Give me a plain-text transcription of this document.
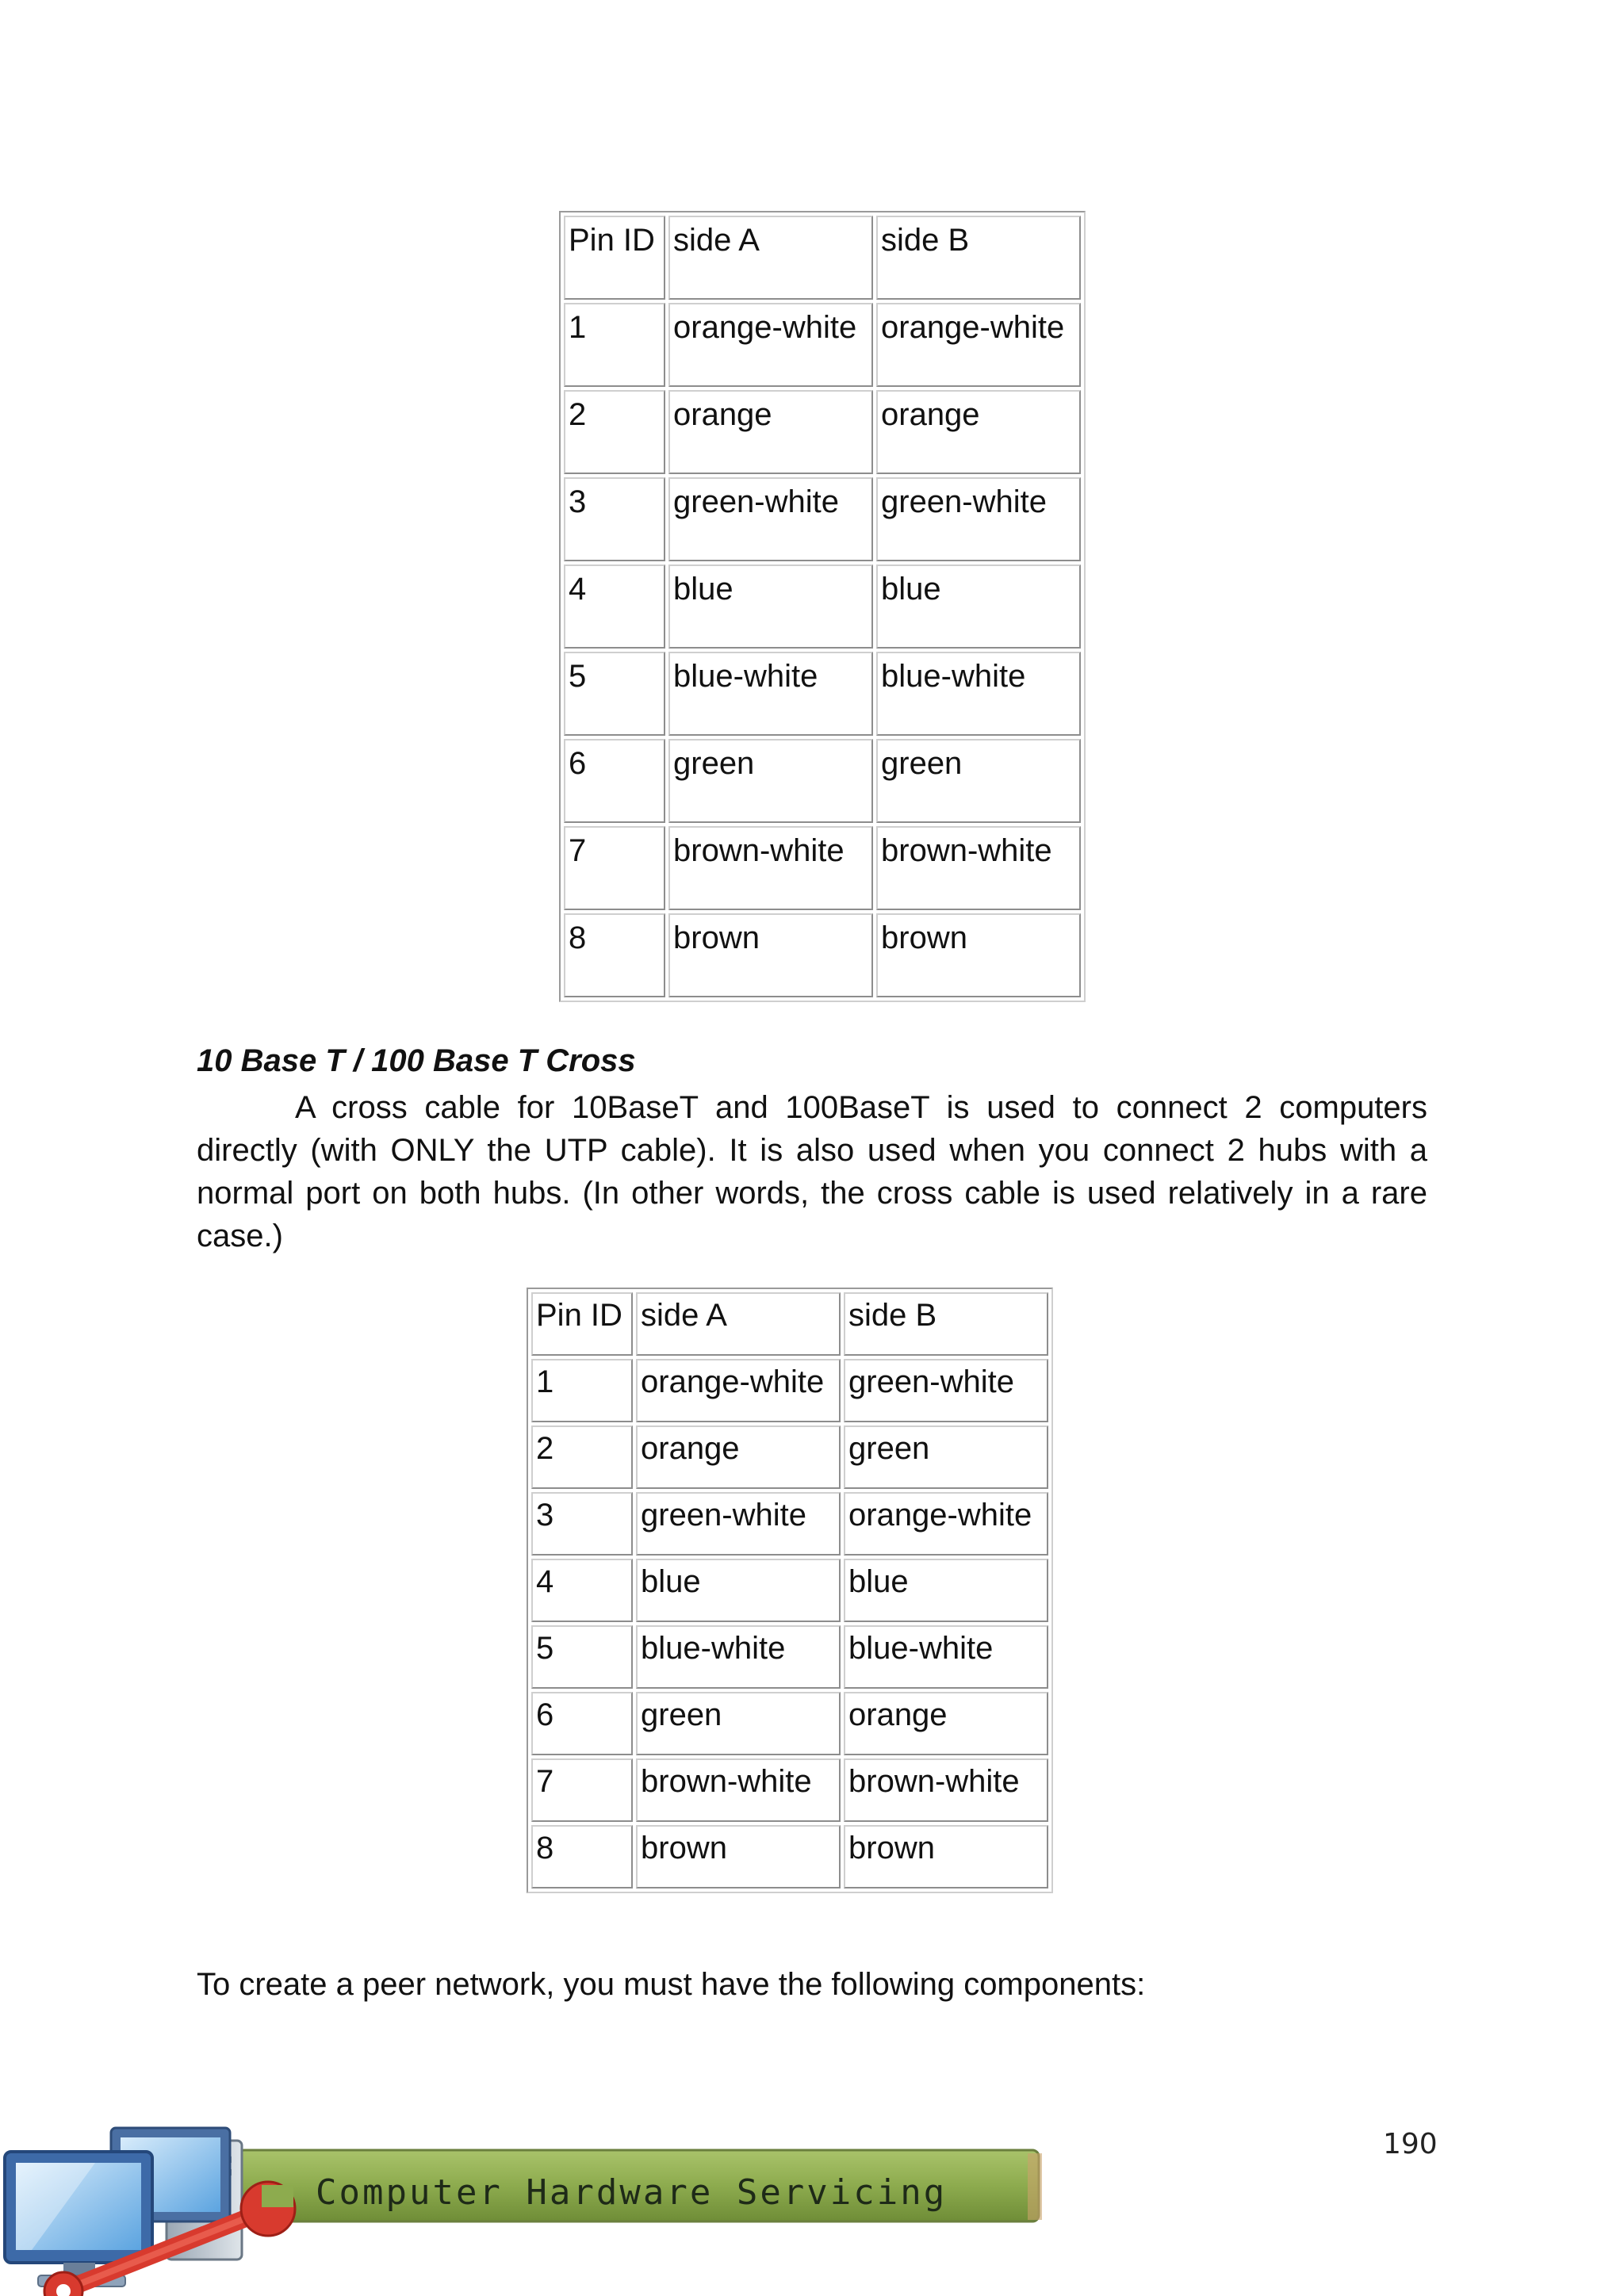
Pin ID	side A	side B
1	orange-white	orange-white
2	orange	orange
3	green-white	green-white
4	blue	blue
5	blue-white	blue-white
6	green	green
7	brown-white	brown-white
8	brown	brown
10 Base T / 100 Base T Cross

A cross cable for 10BaseT and 100BaseT is used to connect 2 computers directly (with ONLY the UTP cable). It is also used when you connect 2 hubs with a normal port on both hubs. (In other words, the cross cable is used relatively in a rare case.)

Pin ID	side A	side B
1	orange-white	green-white
2	orange	green
3	green-white	orange-white
4	blue	blue
5	blue-white	blue-white
6	green	orange
7	brown-white	brown-white
8	brown	brown

To create a peer network, you must have the following components:

190
Computer Hardware Servicing
